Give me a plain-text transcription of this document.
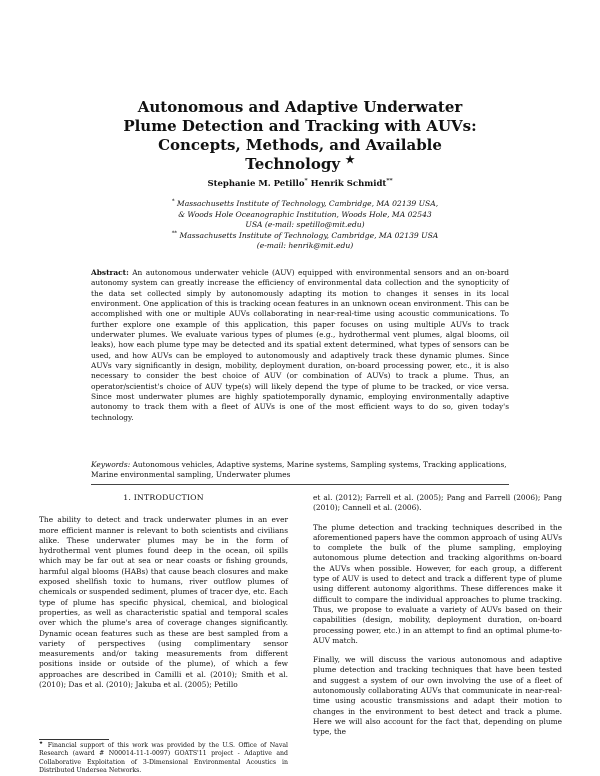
Autonomous and Adaptive Underwater Plume Detection and Tracking with AUVs: Concepts, Methods, and Available Technology ★
Stephanie M. Petillo* Henrik Schmidt**
* Massachusetts Institute of Technology, Cambridge, MA 02139 USA,
& Woods Hole Oceanographic Institution, Woods Hole, MA 02543
USA (e-mail: spetillo@mit.edu)
** Massachusetts Institute of Technology, Cambridge, MA 02139 USA
(e-mail: henrik@mit.edu)

Abstract: An autonomous underwater vehicle (AUV) equipped with environmental sensors and an on-board autonomy system can greatly increase the efficiency of environmental data collection and the synopticity of the data set collected simply by autonomously adapting its motion to changes it senses in its local environment. One application of this is tracking ocean features in an unknown ocean environment. This can be accomplished with one or multiple AUVs collaborating in near-real-time using acoustic communications. To further explore one example of this application, this paper focuses on using multiple AUVs to track underwater plumes. We evaluate various types of plumes (e.g., hydrothermal vent plumes, algal blooms, oil leaks), how each plume type may be detected and its spatial extent determined, what types of sensors can be used, and how AUVs can be employed to autonomously and adaptively track these dynamic plumes. Since AUVs vary significantly in design, mobility, deployment duration, on-board processing power, etc., it is also necessary to consider the best choice of AUV (or combination of AUVs) to track a plume. Thus, an operator/scientist's choice of AUV type(s) will likely depend the type of plume to be tracked, or vice versa. Since most underwater plumes are highly spatiotemporally dynamic, employing environmentally adaptive autonomy to track them with a fleet of AUVs is one of the most efficient ways to do so, given today's technology.

Keywords: Autonomous vehicles, Adaptive systems, Marine systems, Sampling systems, Tracking applications, Marine environmental sampling, Underwater plumes

1. INTRODUCTION

The ability to detect and track underwater plumes in an ever more efficient manner is relevant to both scientists and civilians alike. These underwater plumes may be in the form of hydrothermal vent plumes found deep in the ocean, oil spills which may be far out at sea or near coasts or fishing grounds, harmful algal blooms (HABs) that cause beach closures and make exposed shellfish toxic to humans, river outflow plumes of chemicals or suspended sediment, plumes of tracer dye, etc. Each type of plume has specific physical, chemical, and biological properties, as well as characteristic spatial and temporal scales over which the plume's area of coverage changes significantly. Dynamic ocean features such as these are best sampled from a variety of perspectives (using complimentary sensor measurements and/or taking measurements from different positions inside or outside of the plume), of which a few approaches are described in Camilli et al. (2010); Smith et al. (2010); Das et al. (2010); Jakuba et al. (2005); Petillo

et al. (2012); Farrell et al. (2005); Pang and Farrell (2006); Pang (2010); Cannell et al. (2006).

The plume detection and tracking techniques described in the aforementioned papers have the common approach of using AUVs to complete the bulk of the plume sampling, employing autonomous plume detection and tracking algorithms on-board the AUVs when possible. However, for each group, a different type of AUV is used to detect and track a different type of plume using different autonomy algorithms. These differences make it difficult to compare the individual approaches to plume tracking. Thus, we propose to evaluate a variety of AUVs based on their capabilities (design, mobility, deployment duration, on-board processing power, etc.) in an attempt to find an optimal plume-to-AUV match.

Finally, we will discuss the various autonomous and adaptive plume detection and tracking techniques that have been tested and suggest a system of our own involving the use of a fleet of autonomously collaborating AUVs that communicate in near-real-time using acoustic transmissions and adapt their motion to changes in the environment to best detect and track a plume. Here we will also account for the fact that, depending on plume type, the

★ Financial support of this work was provided by the U.S. Office of Naval Research (award # N00014-11-1-0097) GOATS'11 project - Adaptive and Collaborative Exploitation of 3-Dimensional Environmental Acoustics in Distributed Undersea Networks.
